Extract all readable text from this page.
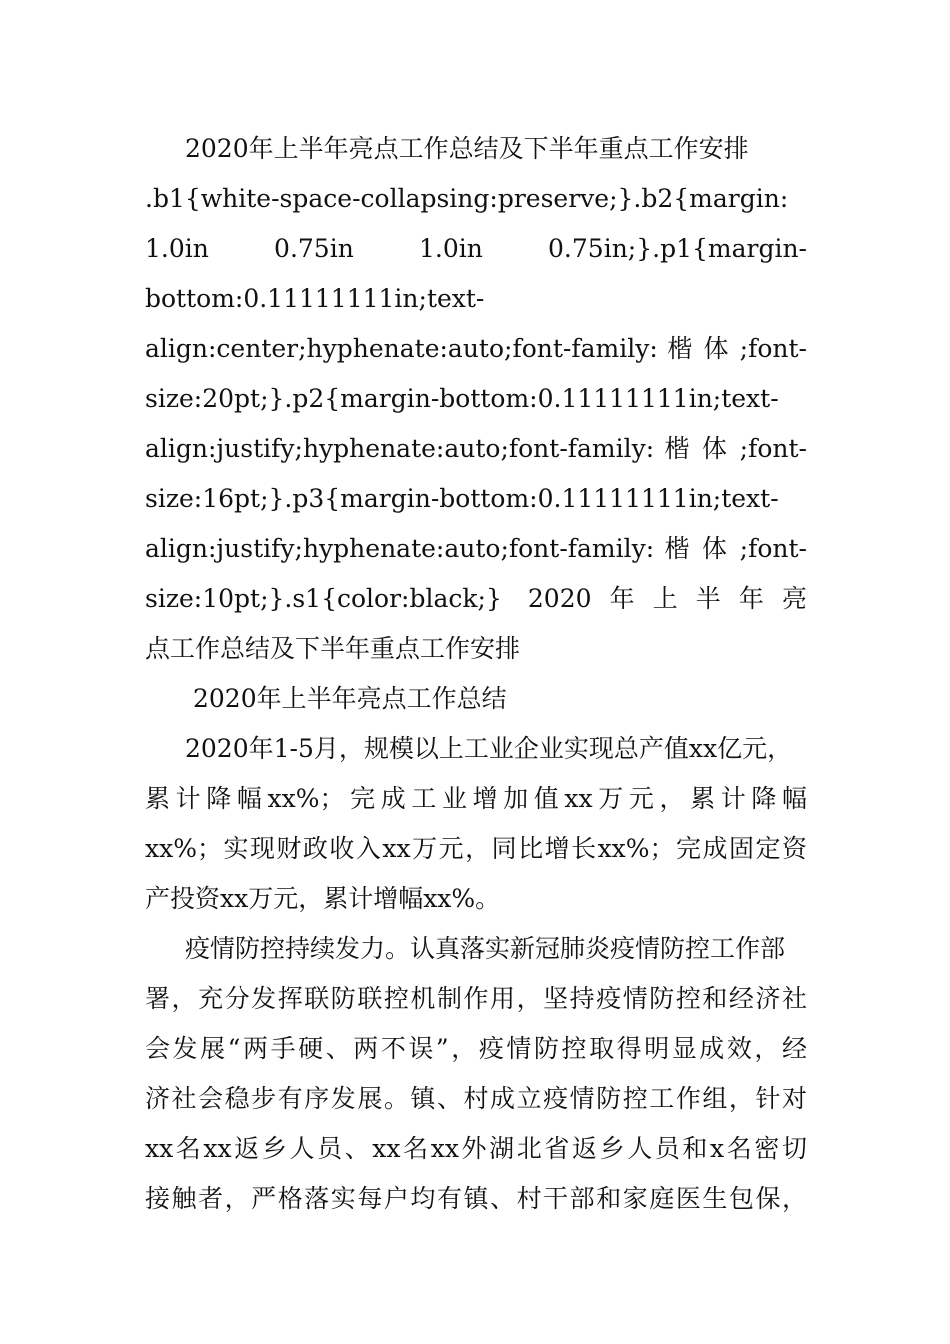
2020年上半年亮点工作总结及下半年重点工作安排
.b1{white-space-collapsing:preserve;}.b2{margin:
1.0in 0.75in 1.0in 0.75in;}.p1{margin-
bottom:0.11111111in;text-
align:center;hyphenate:auto;font-family: 楷 体 ;font-
size:20pt;}.p2{margin-bottom:0.11111111in;text-
align:justify;hyphenate:auto;font-family: 楷 体 ;font-
size:16pt;}.p3{margin-bottom:0.11111111in;text-
align:justify;hyphenate:auto;font-family: 楷 体 ;font-
size:10pt;}.s1{color:black;} 2020年上半年亮
点工作总结及下半年重点工作安排
2020年上半年亮点工作总结
2020年1-5月，规模以上工业企业实现总产值xx亿元，
累计降幅xx%；完成工业增加值xx万元，累计降幅
xx%；实现财政收入xx万元，同比增长xx%；完成固定资
产投资xx万元，累计增幅xx%。
疫情防控持续发力。认真落实新冠肺炎疫情防控工作部
署，充分发挥联防联控机制作用，坚持疫情防控和经济社
会发展“两手硬、两不误”，疫情防控取得明显成效，经
济社会稳步有序发展。镇、村成立疫情防控工作组，针对
xx名xx返乡人员、xx名xx外湖北省返乡人员和x名密切
接触者，严格落实每户均有镇、村干部和家庭医生包保，
